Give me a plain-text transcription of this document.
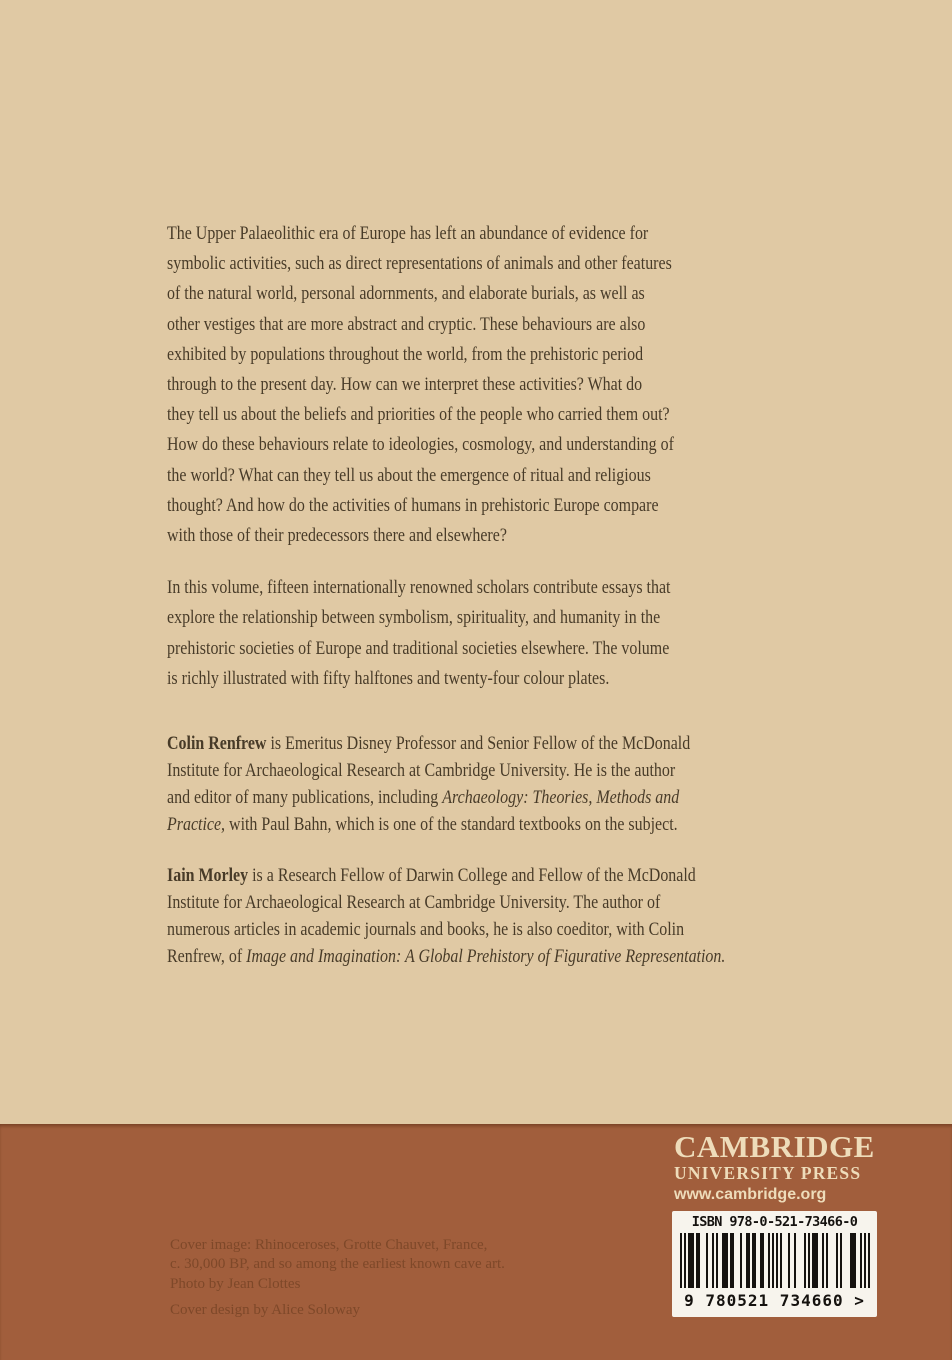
The Upper Palaeolithic era of Europe has left an abundance of evidence for
symbolic activities, such as direct representations of animals and other features
of the natural world, personal adornments, and elaborate burials, as well as
other vestiges that are more abstract and cryptic. These behaviours are also
exhibited by populations throughout the world, from the prehistoric period
through to the present day. How can we interpret these activities? What do
they tell us about the beliefs and priorities of the people who carried them out?
How do these behaviours relate to ideologies, cosmology, and understanding of
the world? What can they tell us about the emergence of ritual and religious
thought? And how do the activities of humans in prehistoric Europe compare
with those of their predecessors there and elsewhere?
In this volume, fifteen internationally renowned scholars contribute essays that
explore the relationship between symbolism, spirituality, and humanity in the
prehistoric societies of Europe and traditional societies elsewhere. The volume
is richly illustrated with fifty halftones and twenty-four colour plates.
Colin Renfrew is Emeritus Disney Professor and Senior Fellow of the McDonald
Institute for Archaeological Research at Cambridge University. He is the author
and editor of many publications, including Archaeology: Theories, Methods and
Practice, with Paul Bahn, which is one of the standard textbooks on the subject.
Iain Morley is a Research Fellow of Darwin College and Fellow of the McDonald
Institute for Archaeological Research at Cambridge University. The author of
numerous articles in academic journals and books, he is also coeditor, with Colin
Renfrew, of Image and Imagination: A Global Prehistory of Figurative Representation.
CAMBRIDGE
UNIVERSITY PRESS
www.cambridge.org
ISBN 978-0-521-73466-0
9 780521 734660 >
Cover image: Rhinoceroses, Grotte Chauvet, France,
c. 30,000 BP, and so among the earliest known cave art.
Photo by Jean Clottes
Cover design by Alice Soloway
